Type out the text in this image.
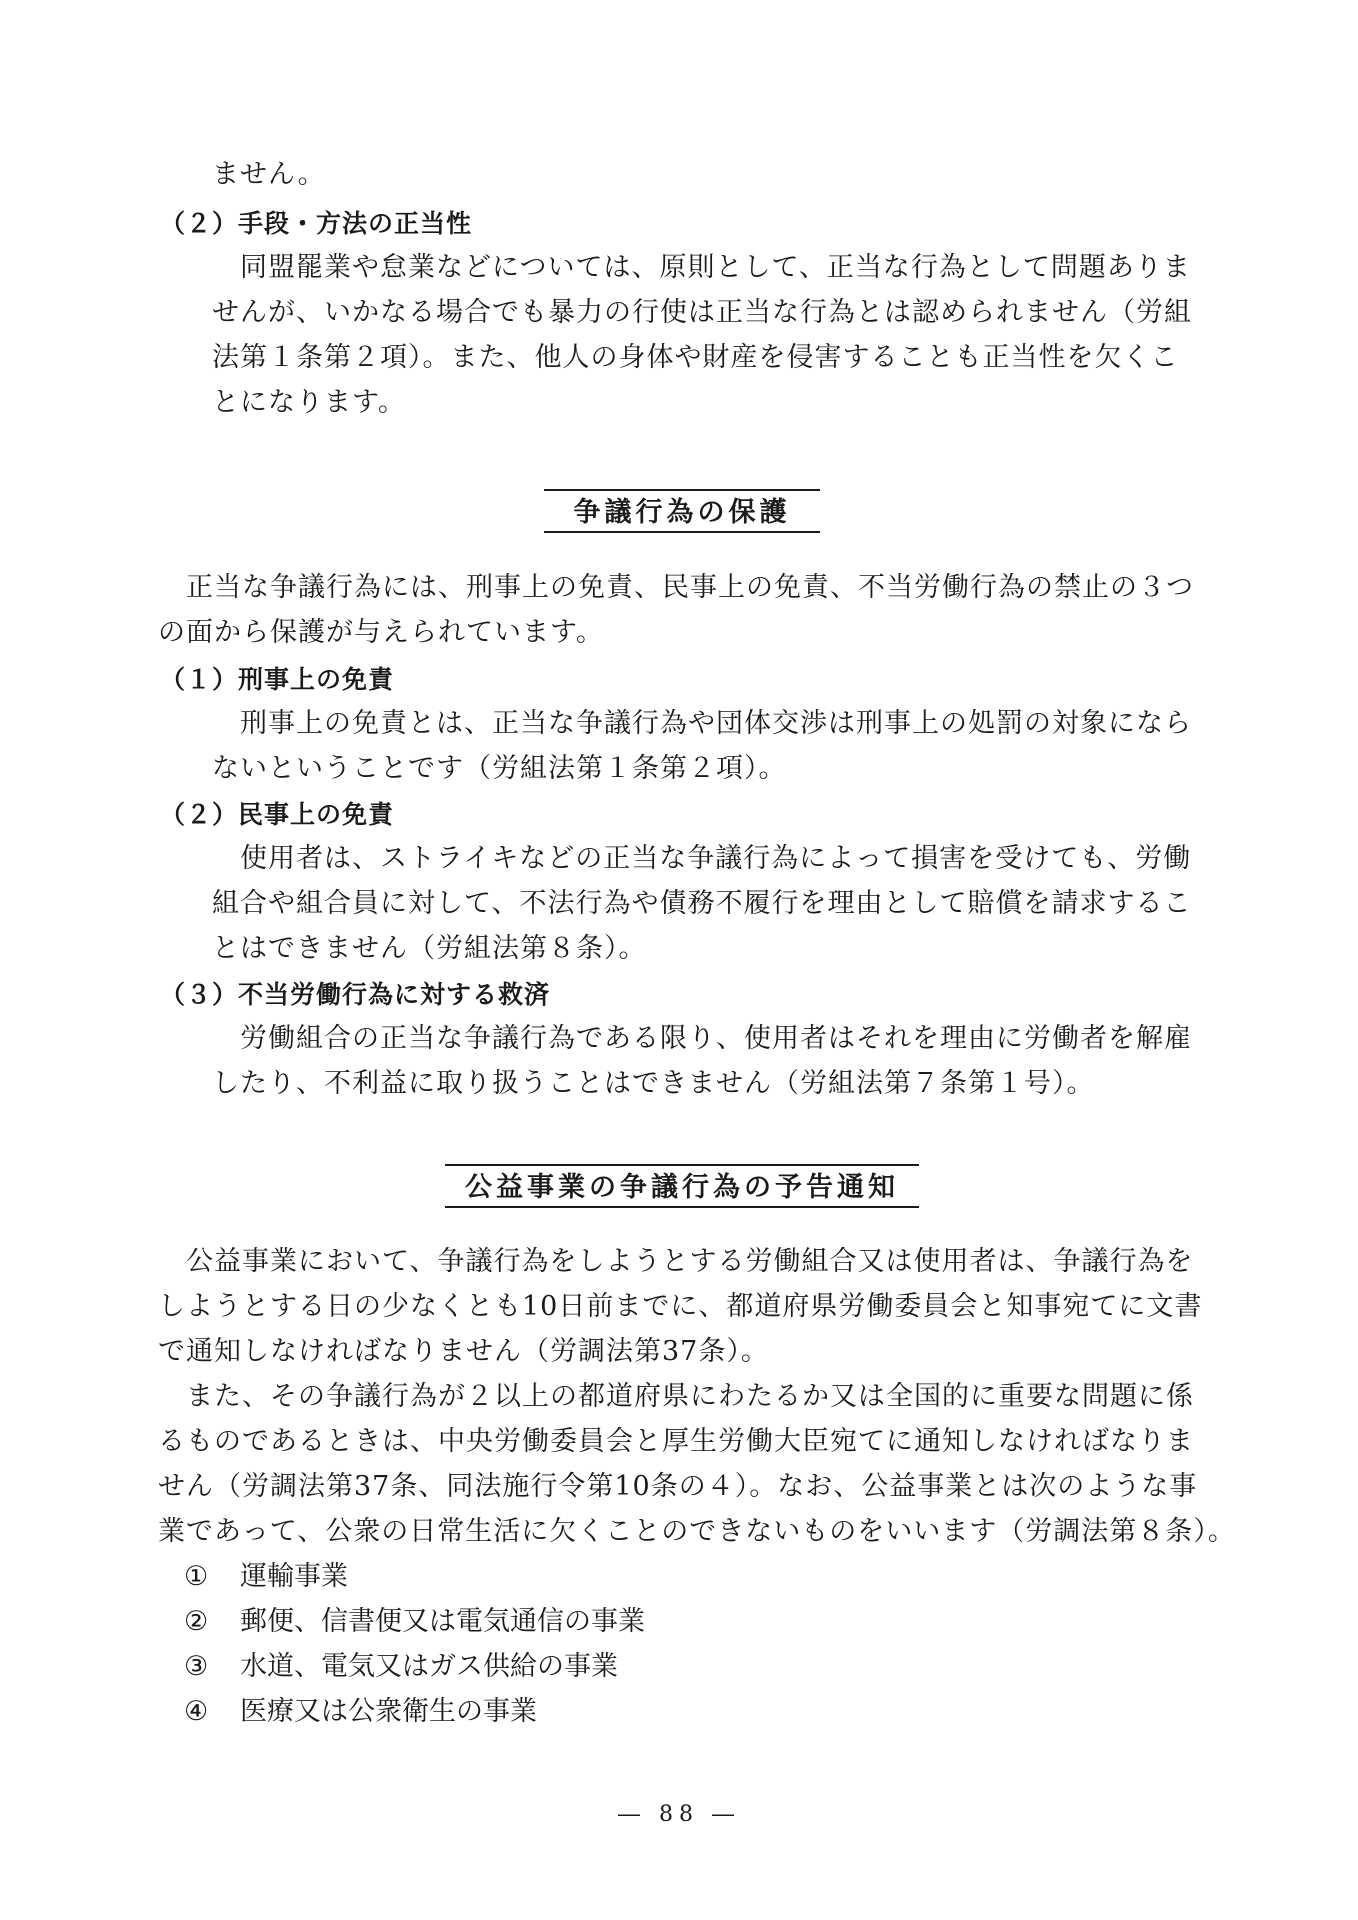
ません。
（２）手段・方法の正当性
同盟罷業や怠業などについては、原則として、正当な行為として問題ありま
せんが、いかなる場合でも暴力の行使は正当な行為とは認められません（労組
法第１条第２項）。また、他人の身体や財産を侵害することも正当性を欠くこ
とになります。
争議行為の保護
正当な争議行為には、刑事上の免責、民事上の免責、不当労働行為の禁止の３つ
の面から保護が与えられています。
（１）刑事上の免責
刑事上の免責とは、正当な争議行為や団体交渉は刑事上の処罰の対象になら
ないということです（労組法第１条第２項）。
（２）民事上の免責
使用者は、ストライキなどの正当な争議行為によって損害を受けても、労働
組合や組合員に対して、不法行為や債務不履行を理由として賠償を請求するこ
とはできません（労組法第８条）。
（３）不当労働行為に対する救済
労働組合の正当な争議行為である限り、使用者はそれを理由に労働者を解雇
したり、不利益に取り扱うことはできません（労組法第７条第１号）。
公益事業の争議行為の予告通知
公益事業において、争議行為をしようとする労働組合又は使用者は、争議行為を
しようとする日の少なくとも10日前までに、都道府県労働委員会と知事宛てに文書
で通知しなければなりません（労調法第37条）。
また、その争議行為が２以上の都道府県にわたるか又は全国的に重要な問題に係
るものであるときは、中央労働委員会と厚生労働大臣宛てに通知しなければなりま
せん（労調法第37条、同法施行令第10条の４）。なお、公益事業とは次のような事
業であって、公衆の日常生活に欠くことのできないものをいいます（労調法第８条）。
① 運輸事業
② 郵便、信書便又は電気通信の事業
③ 水道、電気又はガス供給の事業
④ 医療又は公衆衛生の事業
― 88 ―
